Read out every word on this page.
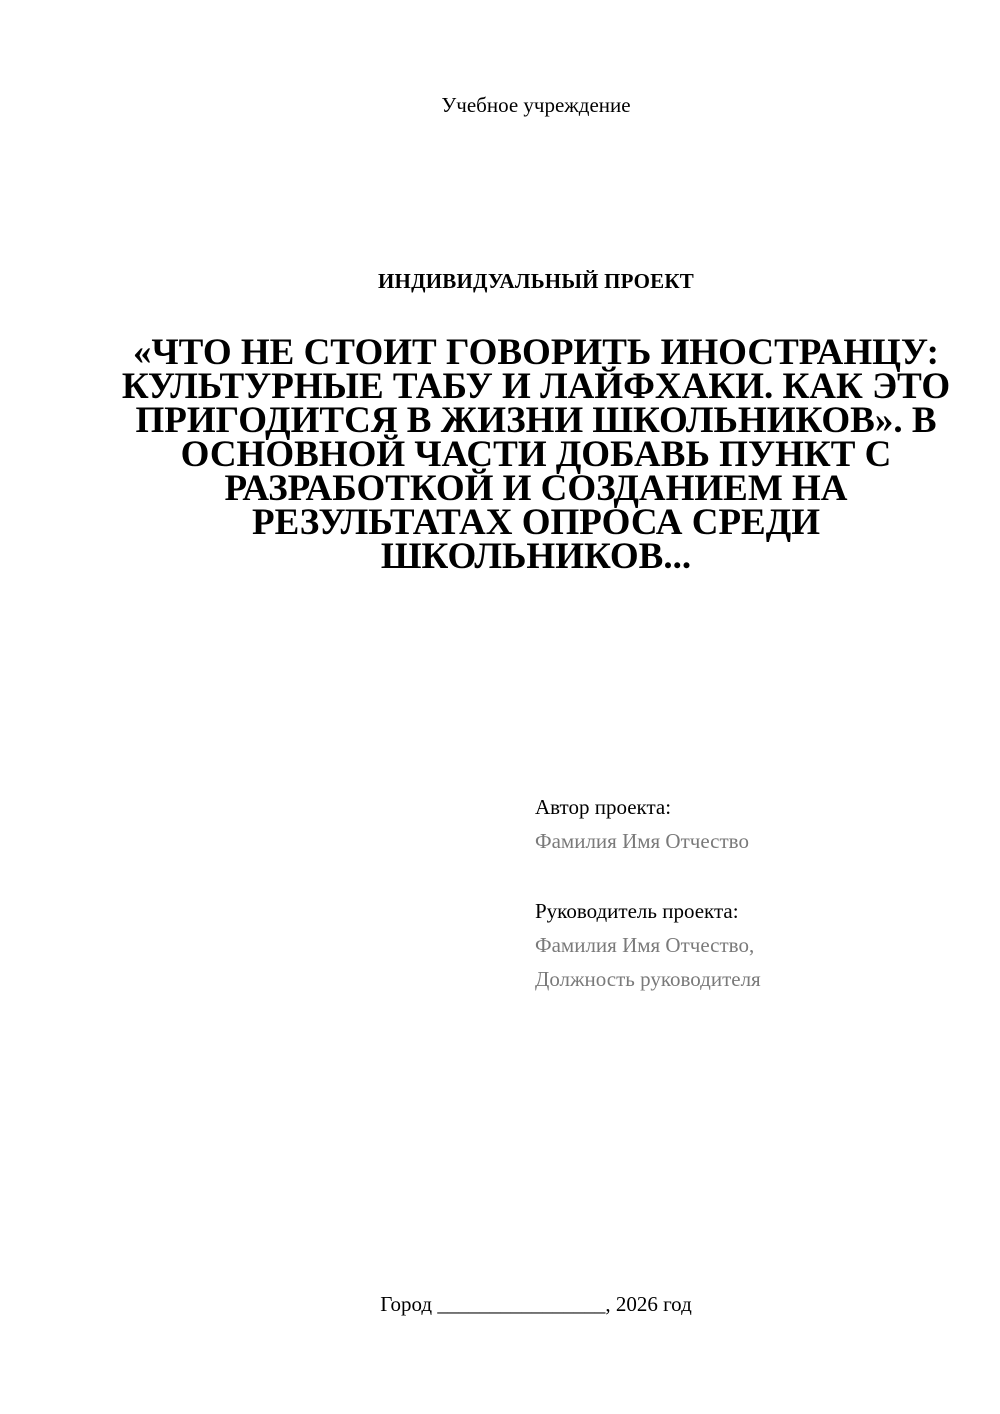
Учебное учреждение
ИНДИВИДУАЛЬНЫЙ ПРОЕКТ
«ЧТО НЕ СТОИТ ГОВОРИТЬ ИНОСТРАНЦУ: КУЛЬТУРНЫЕ ТАБУ И ЛАЙФХАКИ. КАК ЭТО ПРИГОДИТСЯ В ЖИЗНИ ШКОЛЬНИКОВ». В ОСНОВНОЙ ЧАСТИ ДОБАВЬ ПУНКТ С РАЗРАБОТКОЙ И СОЗДАНИЕМ НА РЕЗУЛЬТАТАХ ОПРОСА СРЕДИ ШКОЛЬНИКОВ...
Автор проекта:
Фамилия Имя Отчество
Руководитель проекта:
Фамилия Имя Отчество,
Должность руководителя
Город ________________, 2026 год
